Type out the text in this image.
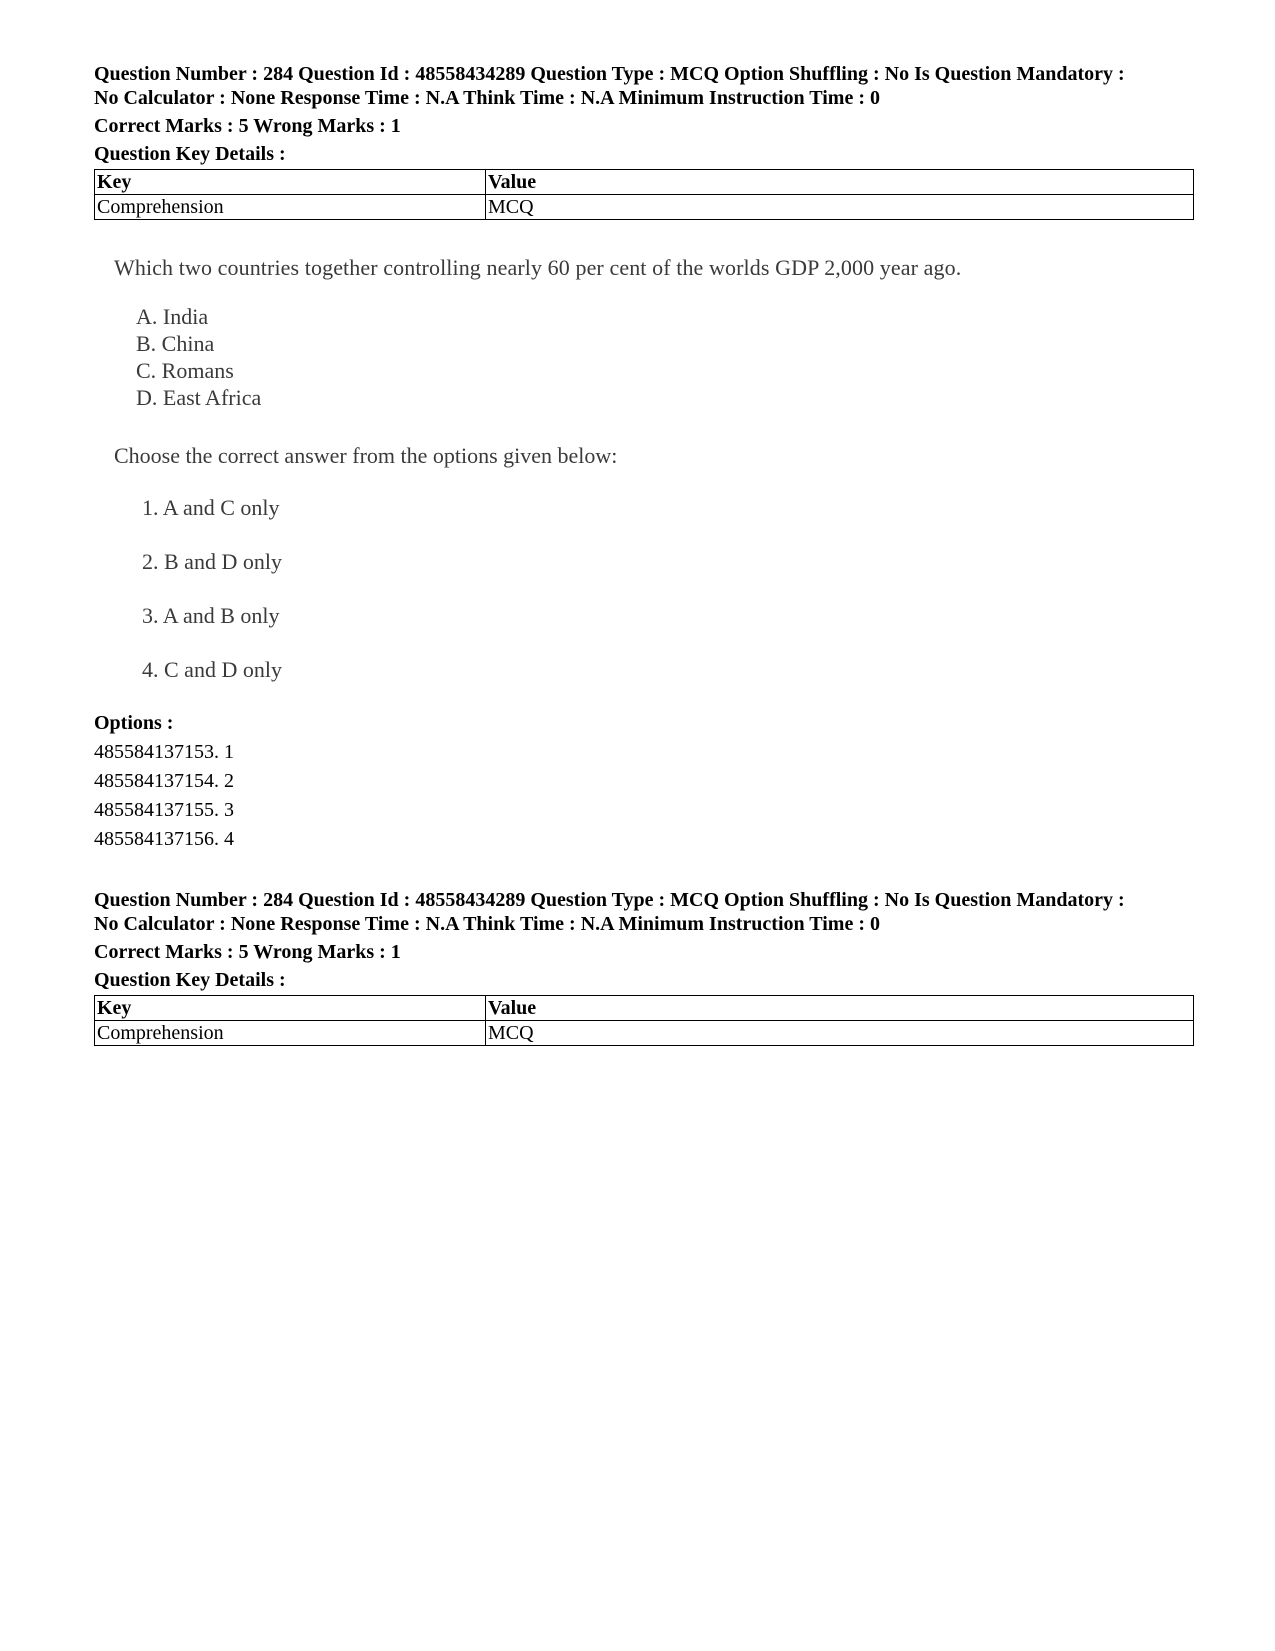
Question Number : 284 Question Id : 48558434289 Question Type : MCQ Option Shuffling : No Is Question Mandatory :
No Calculator : None Response Time : N.A Think Time : N.A Minimum Instruction Time : 0
Correct Marks : 5 Wrong Marks : 1
Question Key Details :
Key	Value
Comprehension	MCQ
Which two countries together controlling nearly 60 per cent of the worlds GDP 2,000 year ago.
A. India
B. China
C. Romans
D. East Africa
Choose the correct answer from the options given below:
1. A and C only
2. B and D only
3. A and B only
4. C and D only
Options :
485584137153. 1
485584137154. 2
485584137155. 3
485584137156. 4
Question Number : 284 Question Id : 48558434289 Question Type : MCQ Option Shuffling : No Is Question Mandatory :
No Calculator : None Response Time : N.A Think Time : N.A Minimum Instruction Time : 0
Correct Marks : 5 Wrong Marks : 1
Question Key Details :
Key	Value
Comprehension	MCQ
